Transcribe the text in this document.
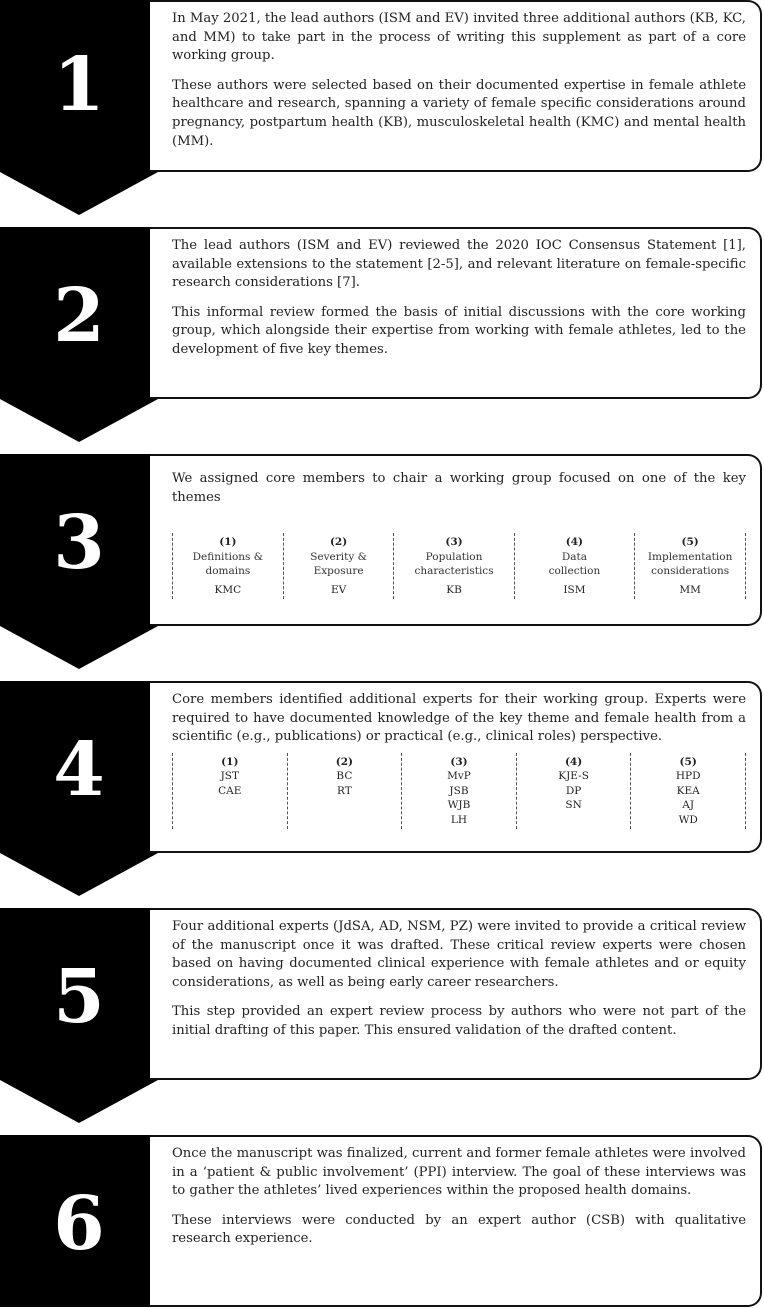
1

In May 2021, the lead authors (ISM and EV) invited three additional authors (KB, KC, and MM) to take part in the process of writing this supplement as part of a core working group.

These authors were selected based on their documented expertise in female athlete healthcare and research, spanning a variety of female specific considerations around pregnancy, postpartum health (KB), musculoskeletal health (KMC) and mental health (MM).

2

The lead authors (ISM and EV) reviewed the 2020 IOC Consensus Statement [1], available extensions to the statement [2-5], and relevant literature on female-specific research considerations [7].

This informal review formed the basis of initial discussions with the core working group, which alongside their expertise from working with female athletes, led to the development of five key themes.

3

We assigned core members to chair a working group focused on one of the key themes

(1)
Definitions & domains
KMC
(2)
Severity & Exposure
EV
(3)
Population characteristics
KB
(4)
Data collection
ISM
(5)
Implementation considerations
MM
4

Core members identified additional experts for their working group. Experts were required to have documented knowledge of the key theme and female health from a scientific (e.g., publications) or practical (e.g., clinical roles) perspective.

(1)
JST
CAE
(2)
BC
RT
(3)
MvP
JSB
WJB
LH
(4)
KJE-S
DP
SN
(5)
HPD
KEA
AJ
WD
5

Four additional experts (JdSA, AD, NSM, PZ) were invited to provide a critical review of the manuscript once it was drafted. These critical review experts were chosen based on having documented clinical experience with female athletes and or equity considerations, as well as being early career researchers.

This step provided an expert review process by authors who were not part of the initial drafting of this paper. This ensured validation of the drafted content.

6

Once the manuscript was finalized, current and former female athletes were involved in a ‘patient & public involvement’ (PPI) interview. The goal of these interviews was to gather the athletes’ lived experiences within the proposed health domains.

These interviews were conducted by an expert author (CSB) with qualitative research experience.
